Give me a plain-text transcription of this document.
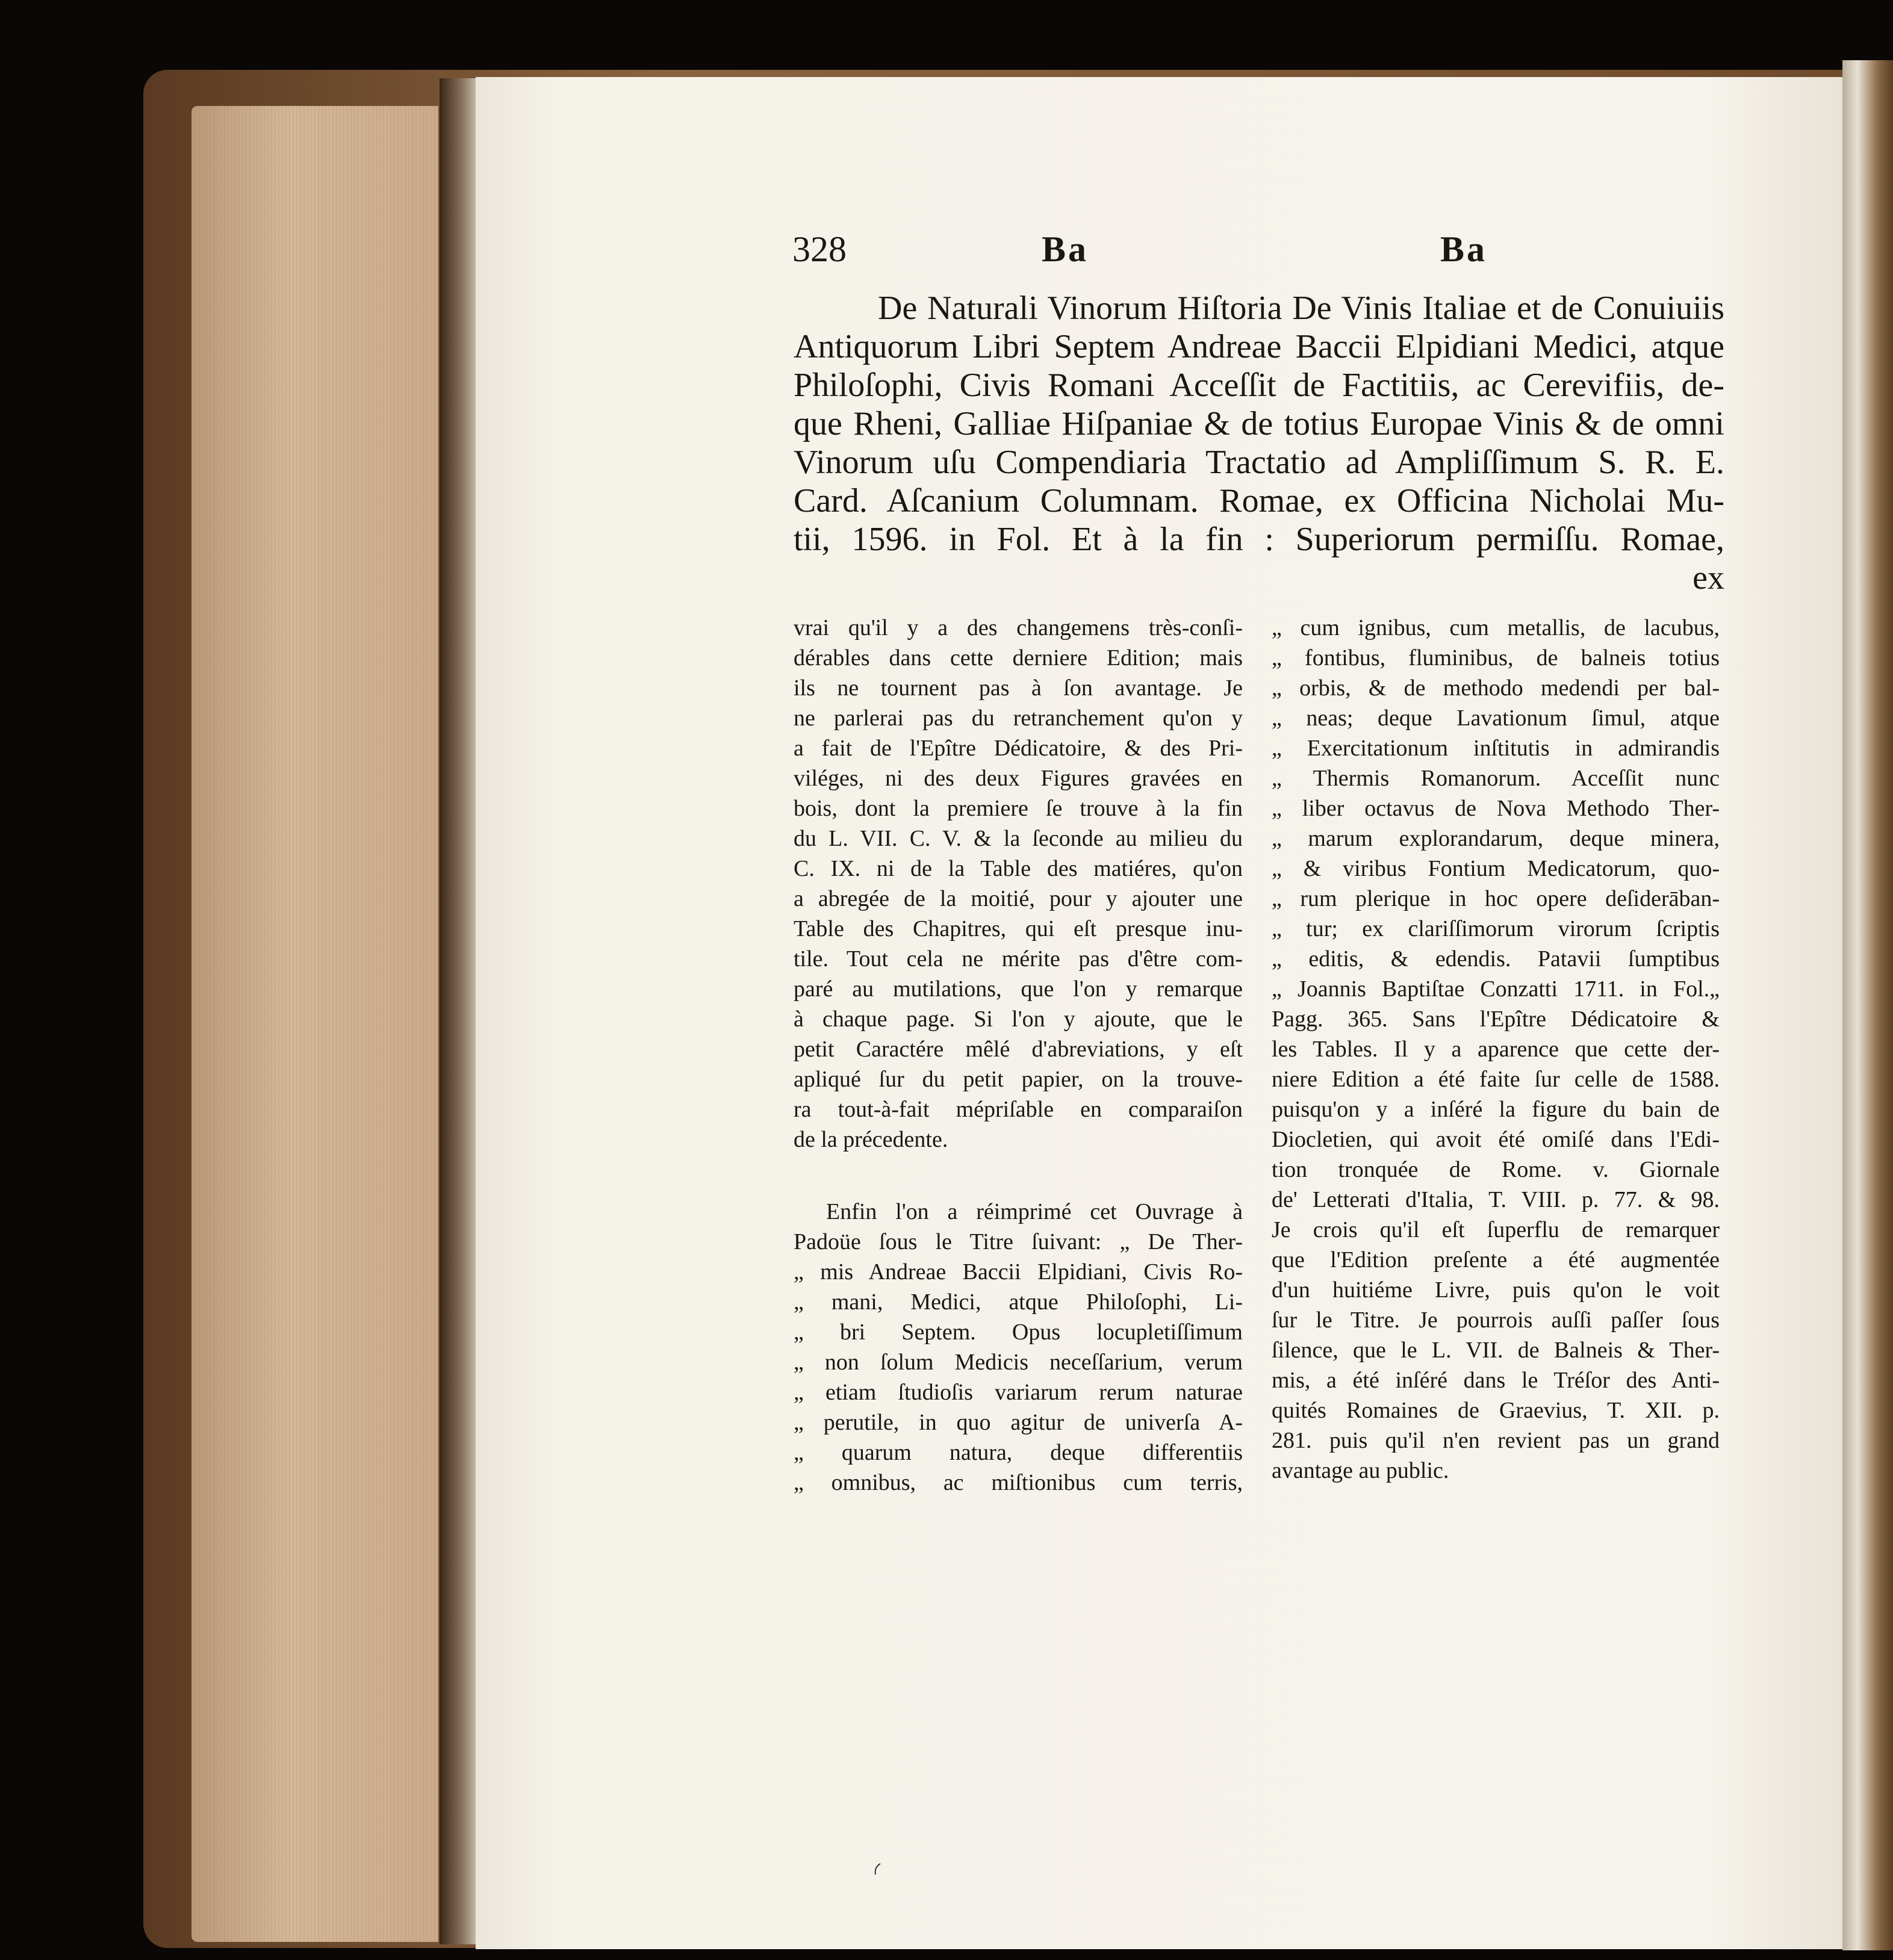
328	Ba	Ba
De Naturali Vinorum Hiſtoria De Vinis Italiae et de Conuiuiis
Antiquorum Libri Septem Andreae Baccii Elpidiani Medici, atque
Philoſophi, Civis Romani Acceſſit de Factitiis, ac Cerevifiis, de-
que Rheni, Galliae Hiſpaniae & de totius Europae Vinis & de omni
Vinorum uſu Compendiaria Tractatio ad Ampliſſimum S. R. E.
Card. Aſcanium Columnam. Romae, ex Officina Nicholai Mu-
tii, 1596. in Fol. Et à la fin : Superiorum permiſſu. Romae,
ex
vrai qu'il y a des changemens très-conſi-
dérables dans cette derniere Edition; mais
ils ne tournent pas à ſon avantage. Je
ne parlerai pas du retranchement qu'on y
a fait de l'Epître Dédicatoire, & des Pri-
viléges, ni des deux Figures gravées en
bois, dont la premiere ſe trouve à la fin
du L. VII. C. V. & la ſeconde au milieu du
C. IX. ni de la Table des matiéres, qu'on
a abregée de la moitié, pour y ajouter une
Table des Chapitres, qui eſt presque inu-
tile. Tout cela ne mérite pas d'être com-
paré au mutilations, que l'on y remarque
à chaque page. Si l'on y ajoute, que le
petit Caractére mêlé d'abreviations, y eſt
apliqué ſur du petit papier, on la trouve-
ra tout-à-fait mépriſable en comparaiſon
de la précedente.
Enfin l'on a réimprimé cet Ouvrage à
Padoüe ſous le Titre ſuivant: „ De Ther-
„ mis Andreae Baccii Elpidiani, Civis Ro-
„ mani, Medici, atque Philoſophi, Li-
„ bri Septem. Opus locupletiſſimum
„ non ſolum Medicis neceſſarium, verum
„ etiam ſtudioſis variarum rerum naturae
„ perutile, in quo agitur de univerſa A-
„ quarum natura, deque differentiis
„ omnibus, ac miſtionibus cum terris,
„ cum ignibus, cum metallis, de lacubus,
„ fontibus, fluminibus, de balneis totius
„ orbis, & de methodo medendi per bal-
„ neas; deque Lavationum ſimul, atque
„ Exercitationum inſtitutis in admirandis
„ Thermis Romanorum. Acceſſit nunc
„ liber octavus de Nova Methodo Ther-
„ marum explorandarum, deque minera,
„ & viribus Fontium Medicatorum, quo-
„ rum plerique in hoc opere deſiderāban-
„ tur; ex clariſſimorum virorum ſcriptis
„ editis, & edendis. Patavii ſumptibus
„ Joannis Baptiſtae Conzatti 1711. in Fol.„
Pagg. 365. Sans l'Epître Dédicatoire &
les Tables. Il y a aparence que cette der-
niere Edition a été faite ſur celle de 1588.
puisqu'on y a inſéré la figure du bain de
Diocletien, qui avoit été omiſé dans l'Edi-
tion tronquée de Rome. v. Giornale
de' Letterati d'Italia, T. VIII. p. 77. & 98.
Je crois qu'il eſt ſuperflu de remarquer
que l'Edition preſente a été augmentée
d'un huitiéme Livre, puis qu'on le voit
ſur le Titre. Je pourrois auſſi paſſer ſous
ſilence, que le L. VII. de Balneis & Ther-
mis, a été inſéré dans le Tréſor des Anti-
quités Romaines de Graevius, T. XII. p.
281. puis qu'il n'en revient pas un grand
avantage au public.
